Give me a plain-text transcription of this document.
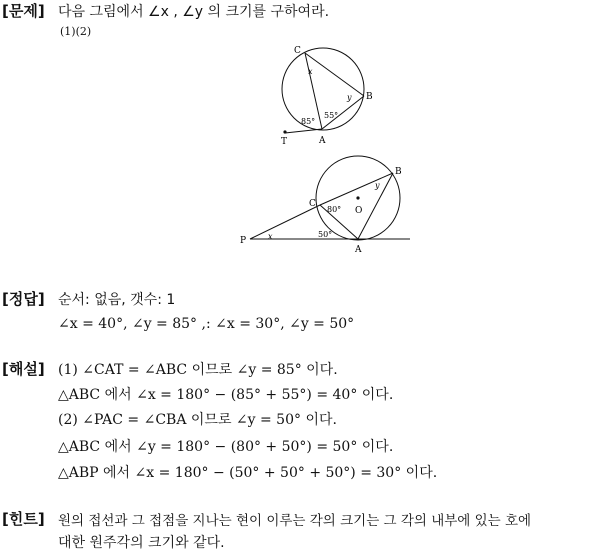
[문제] 다음 그림에서 ∠x , ∠y 의 크기를 구하여라.
(1)(2)
C
B
A
T
x
y
85°
55°
B
C
O
P
A
x
y
80°
50°
[정답] 순서: 없음, 갯수: 1
∠x = 40°, ∠y = 85° ,: ∠x = 30°, ∠y = 50°
[해설] (1) ∠CAT = ∠ABC 이므로 ∠y = 85° 이다.
△ABC 에서 ∠x = 180° − (85° + 55°) = 40° 이다.
(2) ∠PAC = ∠CBA 이므로 ∠y = 50° 이다.
△ABC 에서 ∠y = 180° − (80° + 50°) = 50° 이다.
△ABP 에서 ∠x = 180° − (50° + 50° + 50°) = 30° 이다.
[힌트] 원의 접선과 그 접점을 지나는 현이 이루는 각의 크기는 그 각의 내부에 있는 호에
대한 원주각의 크기와 같다.
